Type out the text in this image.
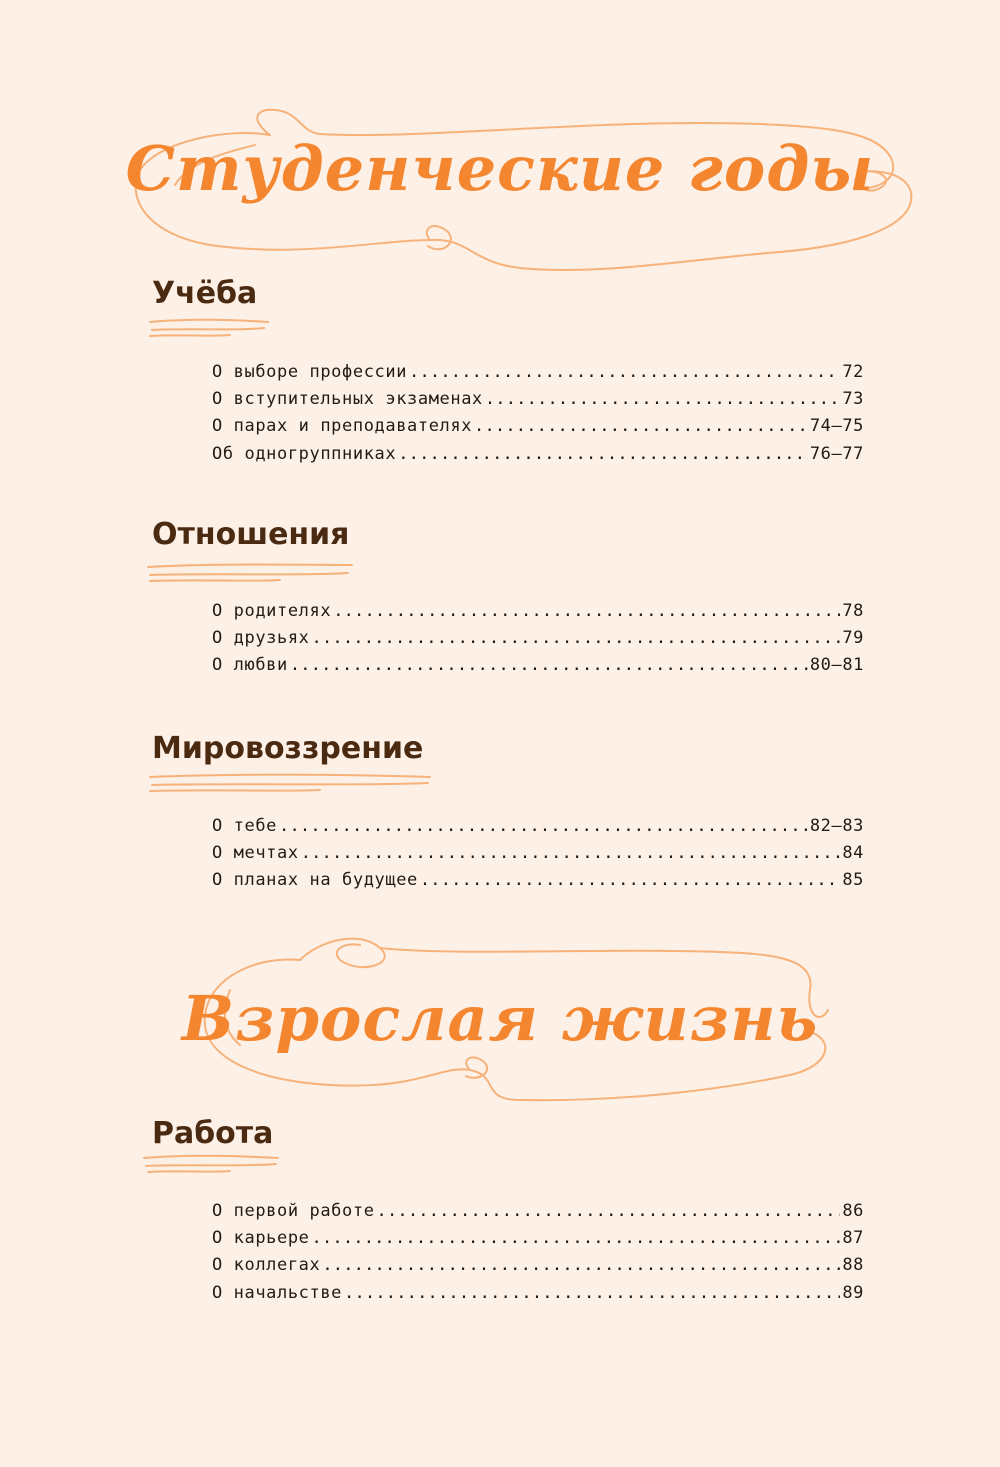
Студенческие годы
Учёба
О выборе профессии .....	72
О вступительных экзаменах .....	73
О парах и преподавателях .....	74–75
Об одногруппниках .....	76–77
Отношения
О родителях .....	78
О друзьях .....	79
О любви .....	80–81
Мировоззрение
О тебе .....	82–83
О мечтах .....	84
О планах на будущее .....	85
Взрослая жизнь
Работа
О первой работе .....	86
О карьере .....	87
О коллегах .....	88
О начальстве .....	89
